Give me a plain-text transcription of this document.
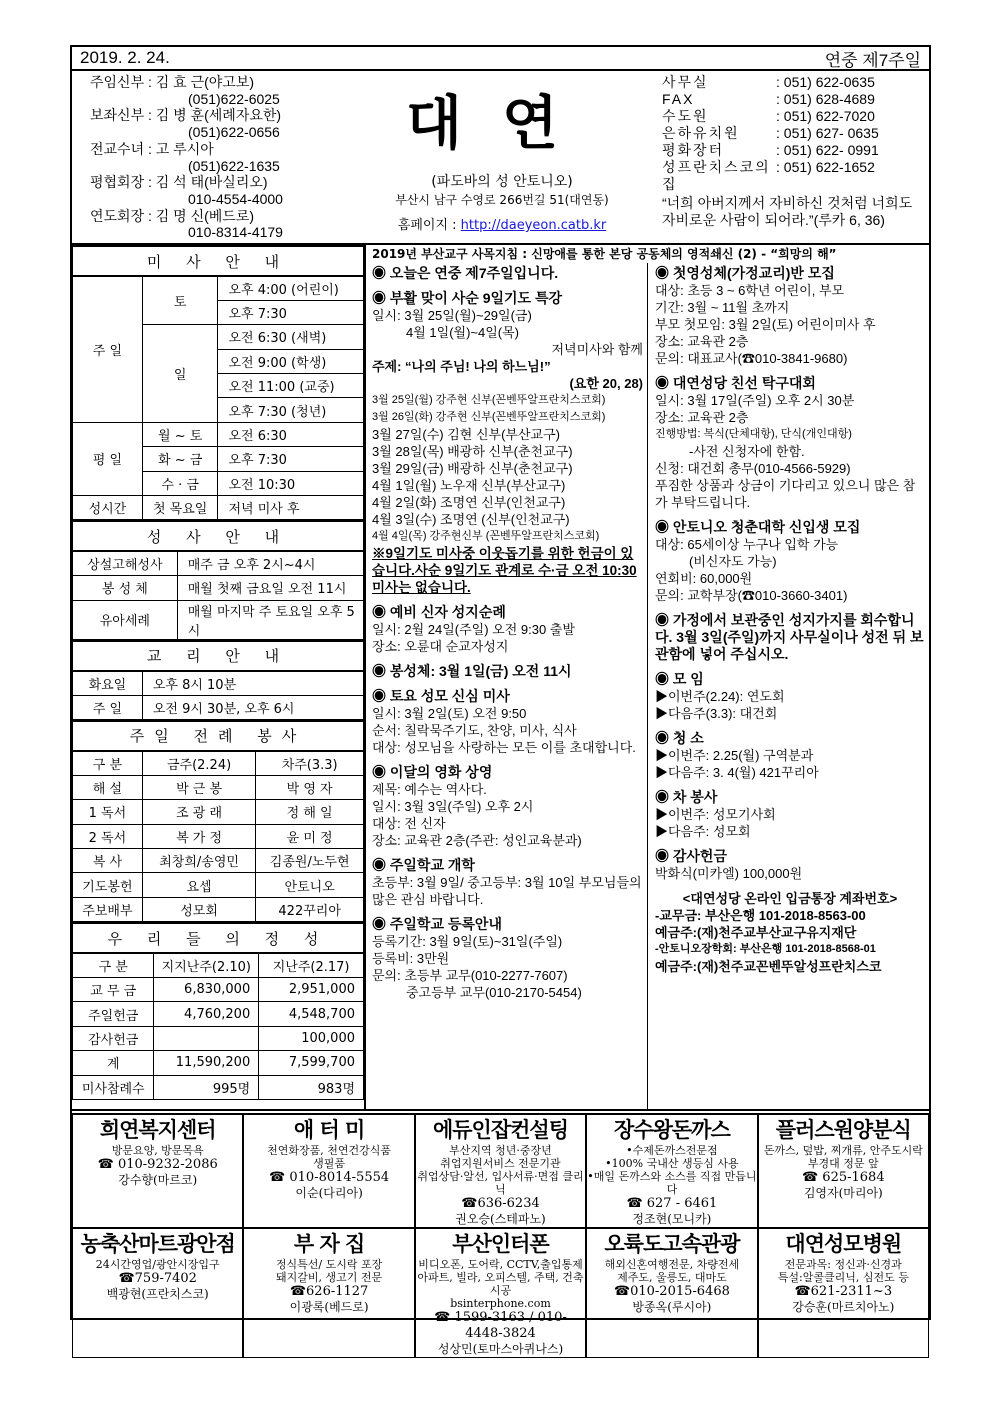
2019. 2. 24.	연중 제7주일
주임신부 : 김 효 근(야고보)
(051)622-6025
보좌신부 : 김 병 훈(세례자요한)
(051)622-0656
전교수녀 : 고 루시아
(051)622-1635
평협회장 : 김 석 태(바실리오)
010-4554-4000
연도회장 : 김 명 신(베드로)
010-8314-4179
대연
(파도바의 성 안토니오)
부산시 남구 수영로 266번길 51(대연동)
홈페이지 : http://daeyeon.catb.kr
사무실	: 051) 622-0635
FAX	: 051) 628-4689
수도원	: 051) 622-7020
은하유치원	: 051) 627- 0635
평화장터	: 051) 622- 0991
성프란치스코의집
: 051) 622-1652
“너희 아버지께서 자비하신 것처럼 너희도 자비로운 사람이 되어라.”(루카 6, 36)
미 사 안 내		
주 일	토	오후 4:00 (어린이)
		오후 7:30
	일	오전 6:30 (새벽)
		오전 9:00 (학생)
		오전 11:00 (교중)
		오후 7:30 (청년)
평 일	월 ~ 토	오전 6:30
	화 ~ 금	오후 7:30
	수 · 금	오전 10:30
성시간	첫 목요일	저녁 미사 후
성 사 안 내	
상설고해성사	매주 금 오후 2시~4시
봉 성 체	매월 첫째 금요일 오전 11시
유아세례	매월 마지막 주 토요일 오후 5시
교 리 안 내	
화요일	오후 8시 10분
주 일	오전 9시 30분, 오후 6시
주일 전례 봉사		
구 분	금주(2.24)	차주(3.3)
해 설	박 근 봉	박 영 자
1 독서	조 광 래	정 해 일
2 독서	복 가 정	윤 미 정
복 사	최창희/송영민	김종원/노두현
기도봉헌	요셉	안토니오
주보배부	성모회	422꾸리아
우 리 들 의 정 성		
구 분	지지난주(2.10)	지난주(2.17)
교 무 금	6,830,000	2,951,000
주일헌금	4,760,200	4,548,700
감사헌금		100,000
계	11,590,200	7,599,700
미사참례수	995명	983명
2019년 부산교구 사목지침 : 신망애를 통한 본당 공동체의 영적쇄신 (2) - “희망의 해”
◉ 오늘은 연중 제7주일입니다.
◉ 부활 맞이 사순 9일기도 특강
일시: 3월 25일(월)~29일(금)
4월 1일(월)~4일(목)
저녁미사와 함께
주제: “나의 주님! 나의 하느님!”
(요한 20, 28)
3월 25일(월) 강주현 신부(꼰벤뚜알프란치스코회)
3월 26일(화) 강주현 신부(꼰벤뚜알프란치스코회)
3월 27일(수) 김현 신부(부산교구)
3월 28일(목) 배광하 신부(춘천교구)
3월 29일(금) 배광하 신부(춘천교구)
4월 1일(월) 노우재 신부(부산교구)
4월 2일(화) 조명연 신부(인천교구)
4월 3일(수) 조명연 (신부(인천교구)
4월 4일(목) 강주현신부 (꼰벤뚜알프란치스코회)
※9일기도 미사중 이웃돕기를 위한 헌금이 있습니다.사순 9일기도 관계로 수·금 오전 10:30 미사는 없습니다.
◉ 예비 신자 성지순례
일시: 2월 24일(주일) 오전 9:30 출발
장소: 오륜대 순교자성지
◉ 봉성체: 3월 1일(금) 오전 11시
◉ 토요 성모 신심 미사
일시: 3월 2일(토) 오전 9:50
순서: 칠락묵주기도, 찬양, 미사, 식사
대상: 성모님을 사랑하는 모든 이를 초대합니다.
◉ 이달의 영화 상영
제목: 예수는 역사다.
일시: 3월 3일(주일) 오후 2시
대상: 전 신자
장소: 교육관 2층(주관: 성인교육분과)
◉ 주일학교 개학
초등부: 3월 9일/ 중고등부: 3월 10일 부모님들의 많은 관심 바랍니다.
◉ 주일학교 등록안내
등록기간: 3월 9일(토)~31일(주일)
등록비: 3만원
문의: 초등부 교무(010-2277-7607)
중고등부 교무(010-2170-5454)
◉ 첫영성체(가정교리)반 모집
대상: 초등 3 ~ 6학년 어린이, 부모
기간: 3월 ~ 11월 초까지
부모 첫모임: 3월 2일(토) 어린이미사 후
장소: 교육관 2층
문의: 대표교사(☎010-3841-9680)
◉ 대연성당 친선 탁구대회
일시: 3월 17일(주일) 오후 2시 30분
장소: 교육관 2층
진행방법: 복식(단체대항), 단식(개인대항)
-사전 신청자에 한함.
신청: 대건회 총무(010-4566-5929)
푸짐한 상품과 상금이 기다리고 있으니 많은 참가 부탁드립니다.
◉ 안토니오 청춘대학 신입생 모집
대상: 65세이상 누구나 입학 가능
(비신자도 가능)
연회비: 60,000원
문의: 교학부장(☎010-3660-3401)
◉ 가정에서 보관중인 성지가지를 회수합니다. 3월 3일(주일)까지 사무실이나 성전 뒤 보관함에 넣어 주십시오.
◉ 모 임
▶이번주(2.24): 연도회
▶다음주(3.3): 대건회
◉ 청 소
▶이번주: 2.25(월) 구역분과
▶다음주: 3. 4(월) 421꾸리아
◉ 차 봉사
▶이번주: 성모기사회
▶다음주: 성모회
◉ 감사헌금
박화식(미카엘) 100,000원
<대연성당 온라인 입금통장 계좌번호>
-교무금: 부산은행 101-2018-8563-00
예금주:(재)천주교부산교구유지재단
-안토니오장학회: 부산은행 101-2018-8568-01
예금주:(재)천주교꼰벤뚜알성프란치스코
희연복지센터
방문요양, 방문목욕
☎ 010-9232-2086
강수향(마르코)
애 터 미
천연화장품, 천연건강식품
생필품
☎ 010-8014-5554
이순(다리아)
에듀인잡컨설팅
부산지역 청년·중장년
취업지원서비스 전문기관
취업상담·알선, 입사서류·면접 클리닉
☎636-6234
권오승(스테파노)
장수왕돈까스
•수제돈까스전문점
•100% 국내산 생등심 사용
•매일 돈까스와 소스를 직접 만듭니다
☎ 627 - 6461
정조현(모니카)
플러스원양분식
돈까스, 덮밥, 찌개류, 안주도시락
부경대 정문 앞
☎ 625-1684
김영자(마리아)
농축산마트광안점
24시간영업/광안시장입구
☎759-7402
백광현(프란치스코)
부 자 집
정식특선/ 도시락 포장
돼지갈비, 생고기 전문
☎626-1127
이광록(베드로)
부산인터폰
비디오폰, 도어락, CCTV,출입통제
아파트, 빌라, 오피스텔, 주택, 건축시공
bsinterphone.com
☎ 1599-3163 / 010-4448-3824
성상민(토마스아퀴나스)
오륙도고속관광
해외신혼여행전문, 차량전세
제주도, 울릉도, 대마도
☎010-2015-6468
방종옥(루시아)
대연성모병원
전문과목: 정신과·신경과
특설:알콜클리닉, 심전도 등
☎621-2311~3
강승훈(마르치아노)
